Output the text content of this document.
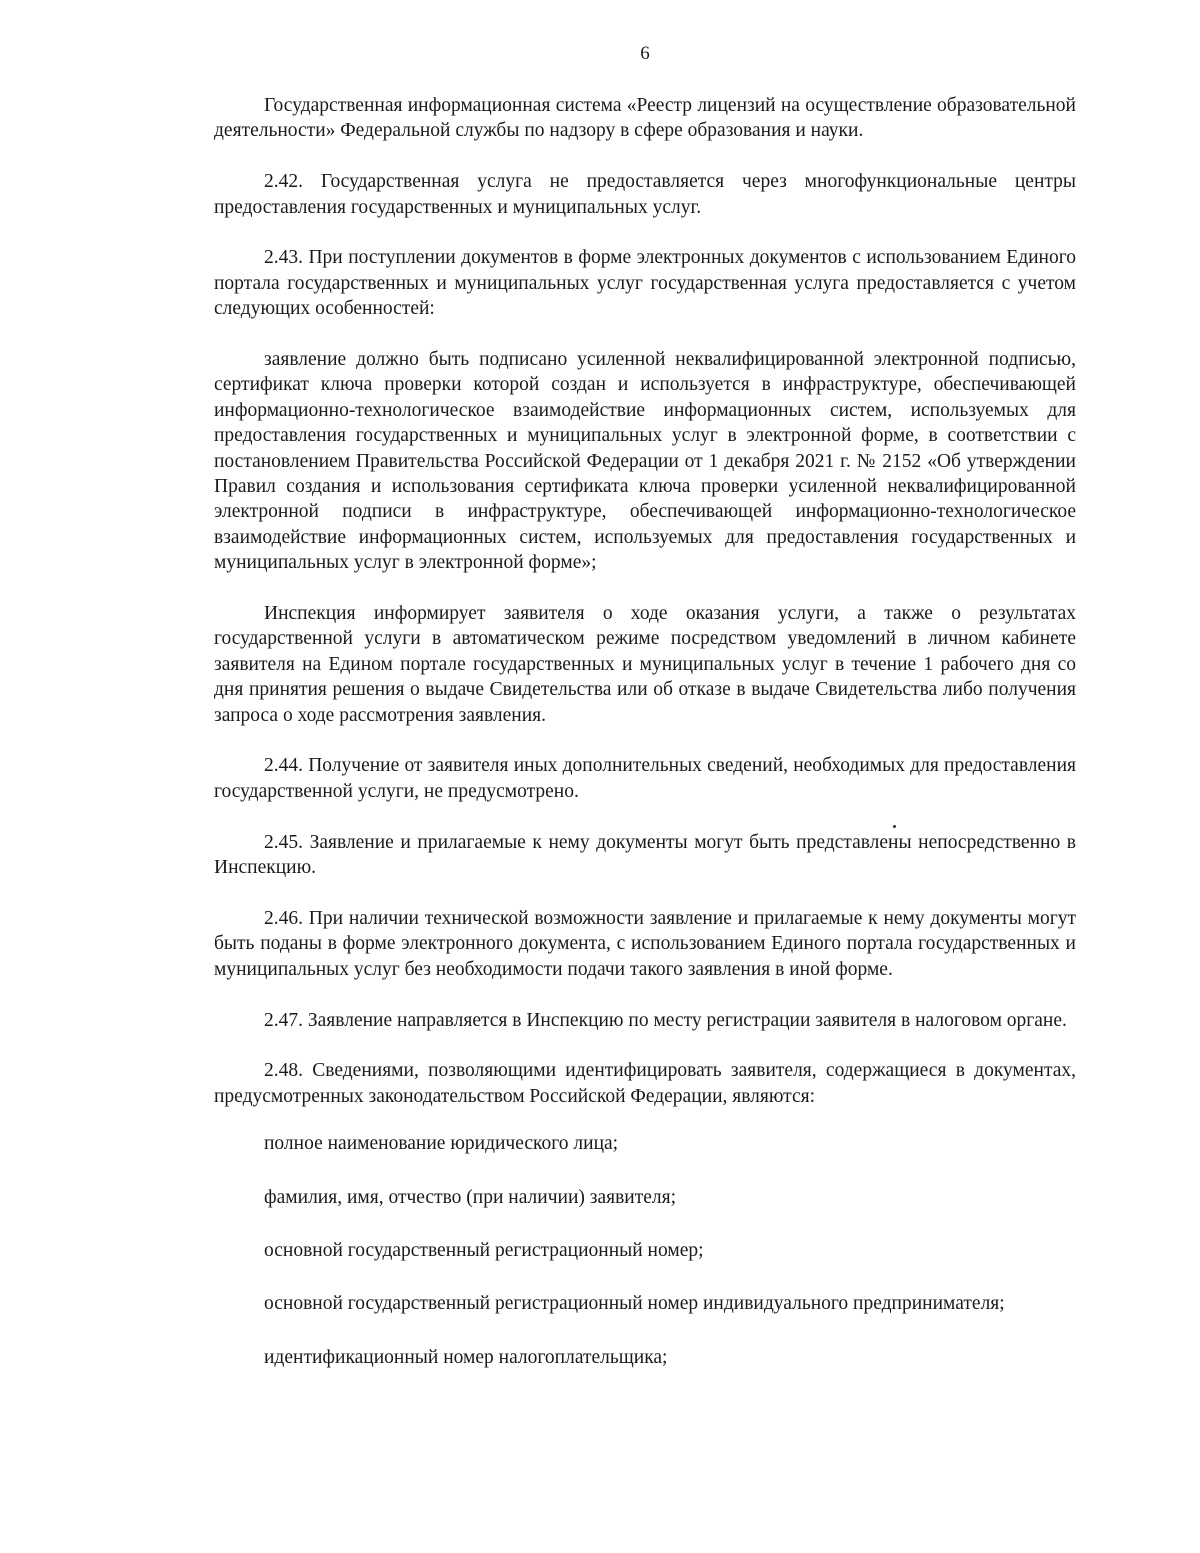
6

Государственная информационная система «Реестр лицензий на осуществление образовательной деятельности» Федеральной службы по надзору в сфере образования и науки.

2.42. Государственная услуга не предоставляется через многофункциональные центры предоставления государственных и муниципальных услуг.

2.43. При поступлении документов в форме электронных документов с использованием Единого портала государственных и муниципальных услуг государственная услуга предоставляется с учетом следующих особенностей:

заявление должно быть подписано усиленной неквалифицированной электронной подписью, сертификат ключа проверки которой создан и используется в инфраструктуре, обеспечивающей информационно-технологическое взаимодействие информационных систем, используемых для предоставления государственных и муниципальных услуг в электронной форме, в соответствии с постановлением Правительства Российской Федерации от 1 декабря 2021 г. № 2152 «Об утверждении Правил создания и использования сертификата ключа проверки усиленной неквалифицированной электронной подписи в инфраструктуре, обеспечивающей информационно-технологическое взаимодействие информационных систем, используемых для предоставления государственных и муниципальных услуг в электронной форме»;

Инспекция информирует заявителя о ходе оказания услуги, а также о результатах государственной услуги в автоматическом режиме посредством уведомлений в личном кабинете заявителя на Едином портале государственных и муниципальных услуг в течение 1 рабочего дня со дня принятия решения о выдаче Свидетельства или об отказе в выдаче Свидетельства либо получения запроса о ходе рассмотрения заявления.

2.44. Получение от заявителя иных дополнительных сведений, необходимых для предоставления государственной услуги, не предусмотрено.

2.45. Заявление и прилагаемые к нему документы могут быть представлены непосредственно в Инспекцию.

2.46. При наличии технической возможности заявление и прилагаемые к нему документы могут быть поданы в форме электронного документа, с использованием Единого портала государственных и муниципальных услуг без необходимости подачи такого заявления в иной форме.

2.47. Заявление направляется в Инспекцию по месту регистрации заявителя в налоговом органе.

2.48. Сведениями, позволяющими идентифицировать заявителя, содержащиеся в документах, предусмотренных законодательством Российской Федерации, являются:

полное наименование юридического лица;

фамилия, имя, отчество (при наличии) заявителя;

основной государственный регистрационный номер;

основной государственный регистрационный номер индивидуального предпринимателя;

идентификационный номер налогоплательщика;
